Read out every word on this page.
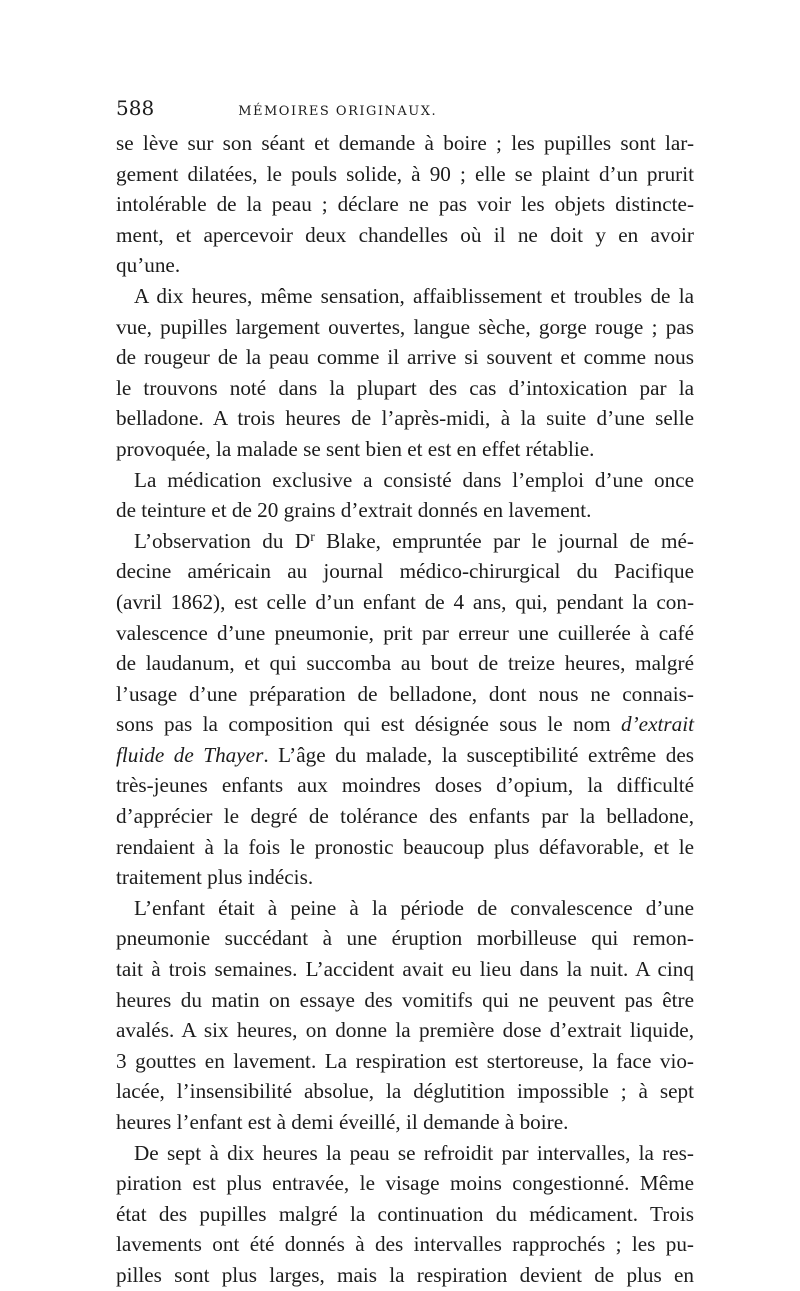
588	MÉMOIRES ORIGINAUX.
se lève sur son séant et demande à boire ; les pupilles sont lar-
gement dilatées, le pouls solide, à 90 ; elle se plaint d’un prurit
intolérable de la peau ; déclare ne pas voir les objets distincte-
ment, et apercevoir deux chandelles où il ne doit y en avoir
qu’une.
A dix heures, même sensation, affaiblissement et troubles de la
vue, pupilles largement ouvertes, langue sèche, gorge rouge ; pas
de rougeur de la peau comme il arrive si souvent et comme nous
le trouvons noté dans la plupart des cas d’intoxication par la
belladone. A trois heures de l’après-midi, à la suite d’une selle
provoquée, la malade se sent bien et est en effet rétablie.
La médication exclusive a consisté dans l’emploi d’une once
de teinture et de 20 grains d’extrait donnés en lavement.
L’observation du $D^r$ Blake, empruntée par le journal de mé-
decine américain au journal médico-chirurgical du Pacifique
(avril 1862), est celle d’un enfant de 4 ans, qui, pendant la con-
valescence d’une pneumonie, prit par erreur une cuillerée à café
de laudanum, et qui succomba au bout de treize heures, malgré
l’usage d’une préparation de belladone, dont nous ne connais-
sons pas la composition qui est désignée sous le nom d’extrait
fluide de Thayer. L’âge du malade, la susceptibilité extrême des
très-jeunes enfants aux moindres doses d’opium, la difficulté
d’apprécier le degré de tolérance des enfants par la belladone,
rendaient à la fois le pronostic beaucoup plus défavorable, et le
traitement plus indécis.
L’enfant était à peine à la période de convalescence d’une
pneumonie succédant à une éruption morbilleuse qui remon-
tait à trois semaines. L’accident avait eu lieu dans la nuit. A cinq
heures du matin on essaye des vomitifs qui ne peuvent pas être
avalés. A six heures, on donne la première dose d’extrait liquide,
3 gouttes en lavement. La respiration est stertoreuse, la face vio-
lacée, l’insensibilité absolue, la déglutition impossible ; à sept
heures l’enfant est à demi éveillé, il demande à boire.
De sept à dix heures la peau se refroidit par intervalles, la res-
piration est plus entravée, le visage moins congestionné. Même
état des pupilles malgré la continuation du médicament. Trois
lavements ont été donnés à des intervalles rapprochés ; les pu-
pilles sont plus larges, mais la respiration devient de plus en
